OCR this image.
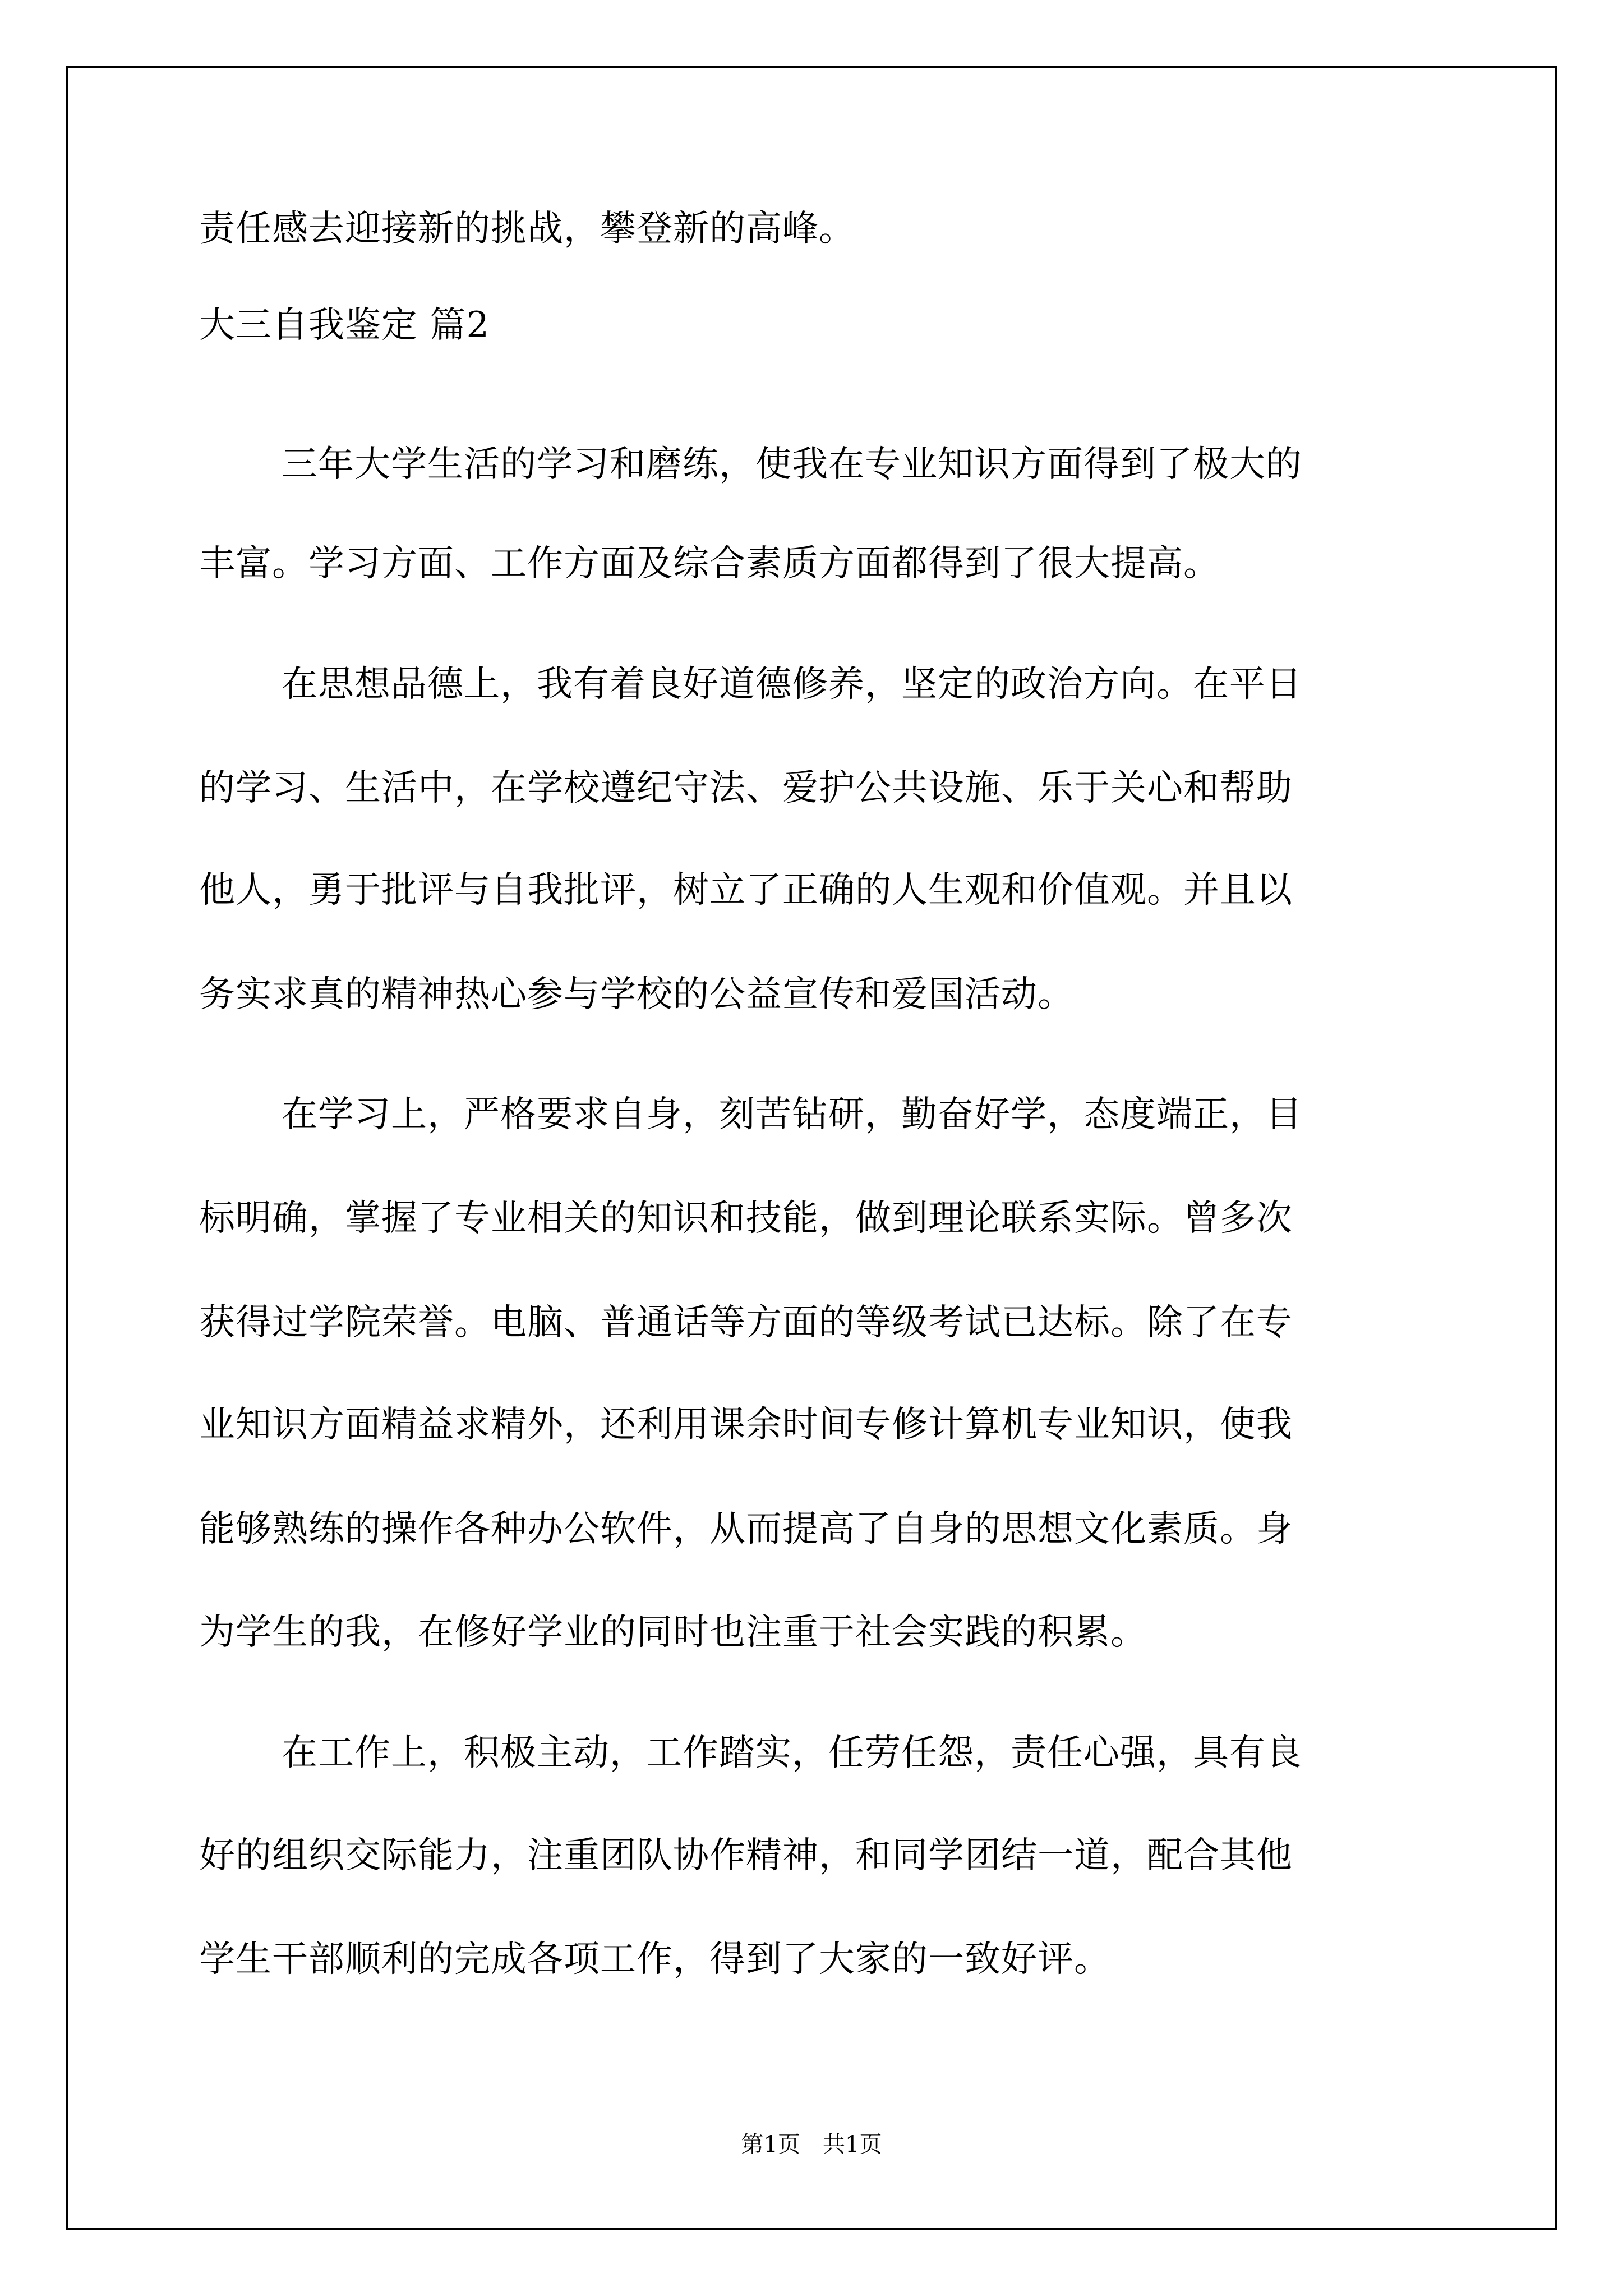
责任感去迎接新的挑战，攀登新的高峰。
大三自我鉴定 篇2
三年大学生活的学习和磨练，使我在专业知识方面得到了极大的
丰富。学习方面、工作方面及综合素质方面都得到了很大提高。
在思想品德上，我有着良好道德修养，坚定的政治方向。在平日
的学习、生活中，在学校遵纪守法、爱护公共设施、乐于关心和帮助
他人，勇于批评与自我批评，树立了正确的人生观和价值观。并且以
务实求真的精神热心参与学校的公益宣传和爱国活动。
在学习上，严格要求自身，刻苦钻研，勤奋好学，态度端正，目
标明确，掌握了专业相关的知识和技能，做到理论联系实际。曾多次
获得过学院荣誉。电脑、普通话等方面的等级考试已达标。除了在专
业知识方面精益求精外，还利用课余时间专修计算机专业知识，使我
能够熟练的操作各种办公软件，从而提高了自身的思想文化素质。身
为学生的我，在修好学业的同时也注重于社会实践的积累。
在工作上，积极主动，工作踏实，任劳任怨，责任心强，具有良
好的组织交际能力，注重团队协作精神，和同学团结一道，配合其他
学生干部顺利的完成各项工作，得到了大家的一致好评。
第1页　共1页
